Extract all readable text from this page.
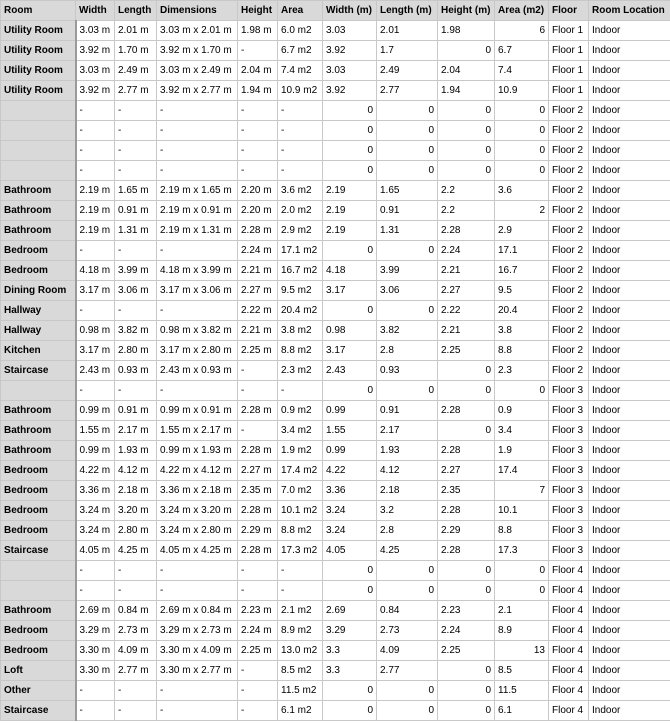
Room	Width	Length	Dimensions	Height	Area	Width (m)	Length (m)	Height (m)	Area (m2)	Floor	Room Location
Utility Room	3.03 m	2.01 m	3.03 m x 2.01 m	1.98 m	6.0 m2	3.03	2.01	1.98	6	Floor 1	Indoor
Utility Room	3.92 m	1.70 m	3.92 m x 1.70 m	-	6.7 m2	3.92	1.7	0	6.7	Floor 1	Indoor
Utility Room	3.03 m	2.49 m	3.03 m x 2.49 m	2.04 m	7.4 m2	3.03	2.49	2.04	7.4	Floor 1	Indoor
Utility Room	3.92 m	2.77 m	3.92 m x 2.77 m	1.94 m	10.9 m2	3.92	2.77	1.94	10.9	Floor 1	Indoor
	-	-	-	-	-	0	0	0	0	Floor 2	Indoor
	-	-	-	-	-	0	0	0	0	Floor 2	Indoor
	-	-	-	-	-	0	0	0	0	Floor 2	Indoor
	-	-	-	-	-	0	0	0	0	Floor 2	Indoor
Bathroom	2.19 m	1.65 m	2.19 m x 1.65 m	2.20 m	3.6 m2	2.19	1.65	2.2	3.6	Floor 2	Indoor
Bathroom	2.19 m	0.91 m	2.19 m x 0.91 m	2.20 m	2.0 m2	2.19	0.91	2.2	2	Floor 2	Indoor
Bathroom	2.19 m	1.31 m	2.19 m x 1.31 m	2.28 m	2.9 m2	2.19	1.31	2.28	2.9	Floor 2	Indoor
Bedroom	-	-	-	2.24 m	17.1 m2	0	0	2.24	17.1	Floor 2	Indoor
Bedroom	4.18 m	3.99 m	4.18 m x 3.99 m	2.21 m	16.7 m2	4.18	3.99	2.21	16.7	Floor 2	Indoor
Dining Room	3.17 m	3.06 m	3.17 m x 3.06 m	2.27 m	9.5 m2	3.17	3.06	2.27	9.5	Floor 2	Indoor
Hallway	-	-	-	2.22 m	20.4 m2	0	0	2.22	20.4	Floor 2	Indoor
Hallway	0.98 m	3.82 m	0.98 m x 3.82 m	2.21 m	3.8 m2	0.98	3.82	2.21	3.8	Floor 2	Indoor
Kitchen	3.17 m	2.80 m	3.17 m x 2.80 m	2.25 m	8.8 m2	3.17	2.8	2.25	8.8	Floor 2	Indoor
Staircase	2.43 m	0.93 m	2.43 m x 0.93 m	-	2.3 m2	2.43	0.93	0	2.3	Floor 2	Indoor
	-	-	-	-	-	0	0	0	0	Floor 3	Indoor
Bathroom	0.99 m	0.91 m	0.99 m x 0.91 m	2.28 m	0.9 m2	0.99	0.91	2.28	0.9	Floor 3	Indoor
Bathroom	1.55 m	2.17 m	1.55 m x 2.17 m	-	3.4 m2	1.55	2.17	0	3.4	Floor 3	Indoor
Bathroom	0.99 m	1.93 m	0.99 m x 1.93 m	2.28 m	1.9 m2	0.99	1.93	2.28	1.9	Floor 3	Indoor
Bedroom	4.22 m	4.12 m	4.22 m x 4.12 m	2.27 m	17.4 m2	4.22	4.12	2.27	17.4	Floor 3	Indoor
Bedroom	3.36 m	2.18 m	3.36 m x 2.18 m	2.35 m	7.0 m2	3.36	2.18	2.35	7	Floor 3	Indoor
Bedroom	3.24 m	3.20 m	3.24 m x 3.20 m	2.28 m	10.1 m2	3.24	3.2	2.28	10.1	Floor 3	Indoor
Bedroom	3.24 m	2.80 m	3.24 m x 2.80 m	2.29 m	8.8 m2	3.24	2.8	2.29	8.8	Floor 3	Indoor
Staircase	4.05 m	4.25 m	4.05 m x 4.25 m	2.28 m	17.3 m2	4.05	4.25	2.28	17.3	Floor 3	Indoor
	-	-	-	-	-	0	0	0	0	Floor 4	Indoor
	-	-	-	-	-	0	0	0	0	Floor 4	Indoor
Bathroom	2.69 m	0.84 m	2.69 m x 0.84 m	2.23 m	2.1 m2	2.69	0.84	2.23	2.1	Floor 4	Indoor
Bedroom	3.29 m	2.73 m	3.29 m x 2.73 m	2.24 m	8.9 m2	3.29	2.73	2.24	8.9	Floor 4	Indoor
Bedroom	3.30 m	4.09 m	3.30 m x 4.09 m	2.25 m	13.0 m2	3.3	4.09	2.25	13	Floor 4	Indoor
Loft	3.30 m	2.77 m	3.30 m x 2.77 m	-	8.5 m2	3.3	2.77	0	8.5	Floor 4	Indoor
Other	-	-	-	-	11.5 m2	0	0	0	11.5	Floor 4	Indoor
Staircase	-	-	-	-	6.1 m2	0	0	0	6.1	Floor 4	Indoor
